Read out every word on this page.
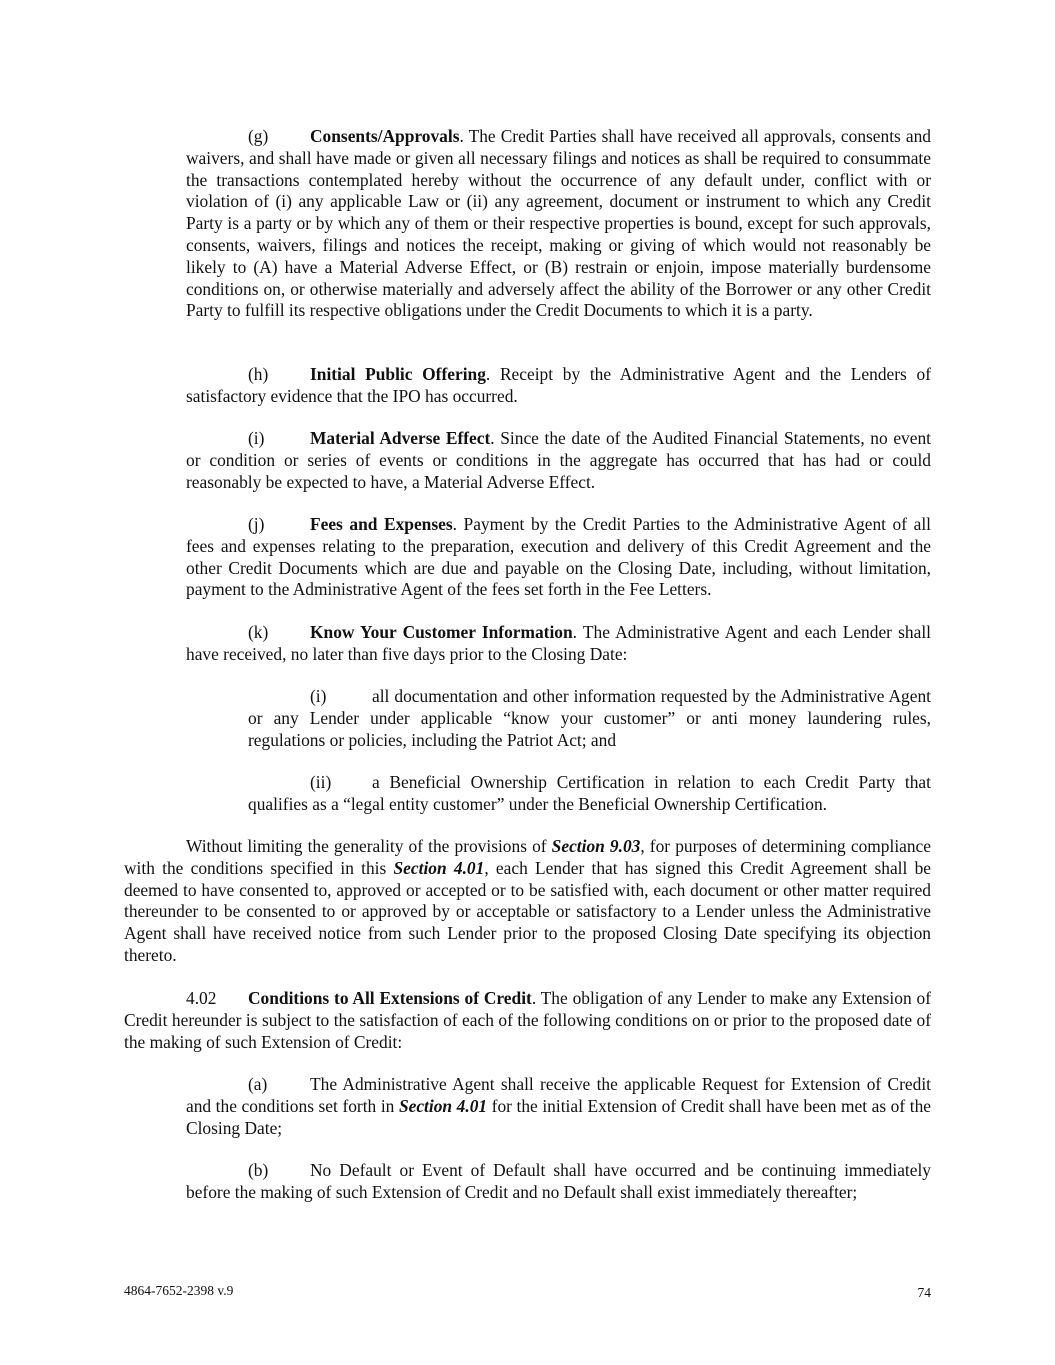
(g) Consents/Approvals. The Credit Parties shall have received all approvals, consents and waivers, and shall have made or given all necessary filings and notices as shall be required to consummate the transactions contemplated hereby without the occurrence of any default under, conflict with or violation of (i) any applicable Law or (ii) any agreement, document or instrument to which any Credit Party is a party or by which any of them or their respective properties is bound, except for such approvals, consents, waivers, filings and notices the receipt, making or giving of which would not reasonably be likely to (A) have a Material Adverse Effect, or (B) restrain or enjoin, impose materially burdensome conditions on, or otherwise materially and adversely affect the ability of the Borrower or any other Credit Party to fulfill its respective obligations under the Credit Documents to which it is a party.

(h) Initial Public Offering. Receipt by the Administrative Agent and the Lenders of satisfactory evidence that the IPO has occurred.

(i)	Material Adverse Effect. Since the date of the Audited Financial Statements, no event or condition or series of events or conditions in the aggregate has occurred that has had or could reasonably be expected to have, a Material Adverse Effect.

(j)	Fees and Expenses. Payment by the Credit Parties to the Administrative Agent of all fees and expenses relating to the preparation, execution and delivery of this Credit Agreement and the other Credit Documents which are due and payable on the Closing Date, including, without limitation, payment to the Administrative Agent of the fees set forth in the Fee Letters.

(k) Know Your Customer Information. The Administrative Agent and each Lender shall have received, no later than five days prior to the Closing Date:

(i)	all documentation and other information requested by the Administrative Agent or any Lender under applicable “know your customer” or anti money laundering rules, regulations or policies, including the Patriot Act; and

(ii) a Beneficial Ownership Certification in relation to each Credit Party that qualifies as a “legal entity customer” under the Beneficial Ownership Certification.

Without limiting the generality of the provisions of Section 9.03, for purposes of determining compliance with the conditions specified in this Section 4.01, each Lender that has signed this Credit Agreement shall be deemed to have consented to, approved or accepted or to be satisfied with, each document or other matter required thereunder to be consented to or approved by or acceptable or satisfactory to a Lender unless the Administrative Agent shall have received notice from such Lender prior to the proposed Closing Date specifying its objection thereto.

4.02 Conditions to All Extensions of Credit. The obligation of any Lender to make any Extension of Credit hereunder is subject to the satisfaction of each of the following conditions on or prior to the proposed date of the making of such Extension of Credit:

(a) The Administrative Agent shall receive the applicable Request for Extension of Credit and the conditions set forth in Section 4.01 for the initial Extension of Credit shall have been met as of the Closing Date;

(b) No Default or Event of Default shall have occurred and be continuing immediately before the making of such Extension of Credit and no Default shall exist immediately thereafter;

4864-7652-2398 v.9	74
